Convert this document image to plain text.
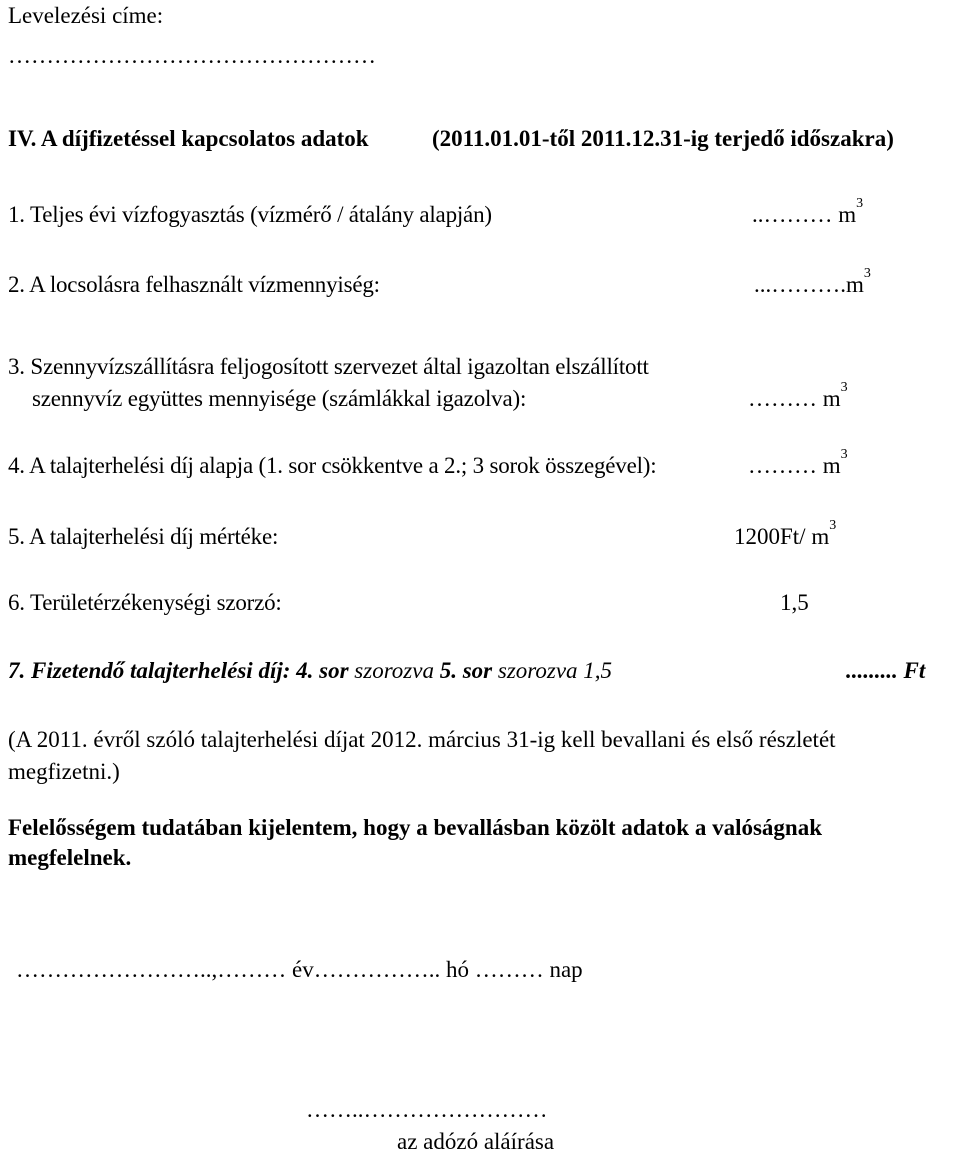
Levelezési címe:
…………………………………………
IV. A díjfizetéssel kapcsolatos adatok	(2011.01.01-től 2011.12.31-ig terjedő időszakra)
1. Teljes évi vízfogyasztás (vízmérő / átalány alapján)	..……… $m^3$
2. A locsolásra felhasznált vízmennyiség:	$...\dots\dots\dots.m^3$
3. Szennyvízszállításra feljogosított szervezet által igazoltan elszállított
szennyvíz együttes mennyisége (számlákkal igazolva):	……… $m^3$
4. A talajterhelési díj alapja (1. sor csökkentve a 2.; 3 sorok összegével):	……… $m^3$
5. A talajterhelési díj mértéke:	1200Ft/ $m^3$
6. Területérzékenységi szorzó:	1,5
7. Fizetendő talajterhelési díj: 4. sor szorozva 5. sor szorozva 1,5	......... Ft
(A 2011. évről szóló talajterhelési díjat 2012. március 31-ig kell bevallani és első részletét
megfizetni.)
Felelősségem tudatában kijelentem, hogy a bevallásban közölt adatok a valóságnak
megfelelnek.
……………………..,……… év…………….. hó ……… nap
……..……………………
az adózó aláírása
